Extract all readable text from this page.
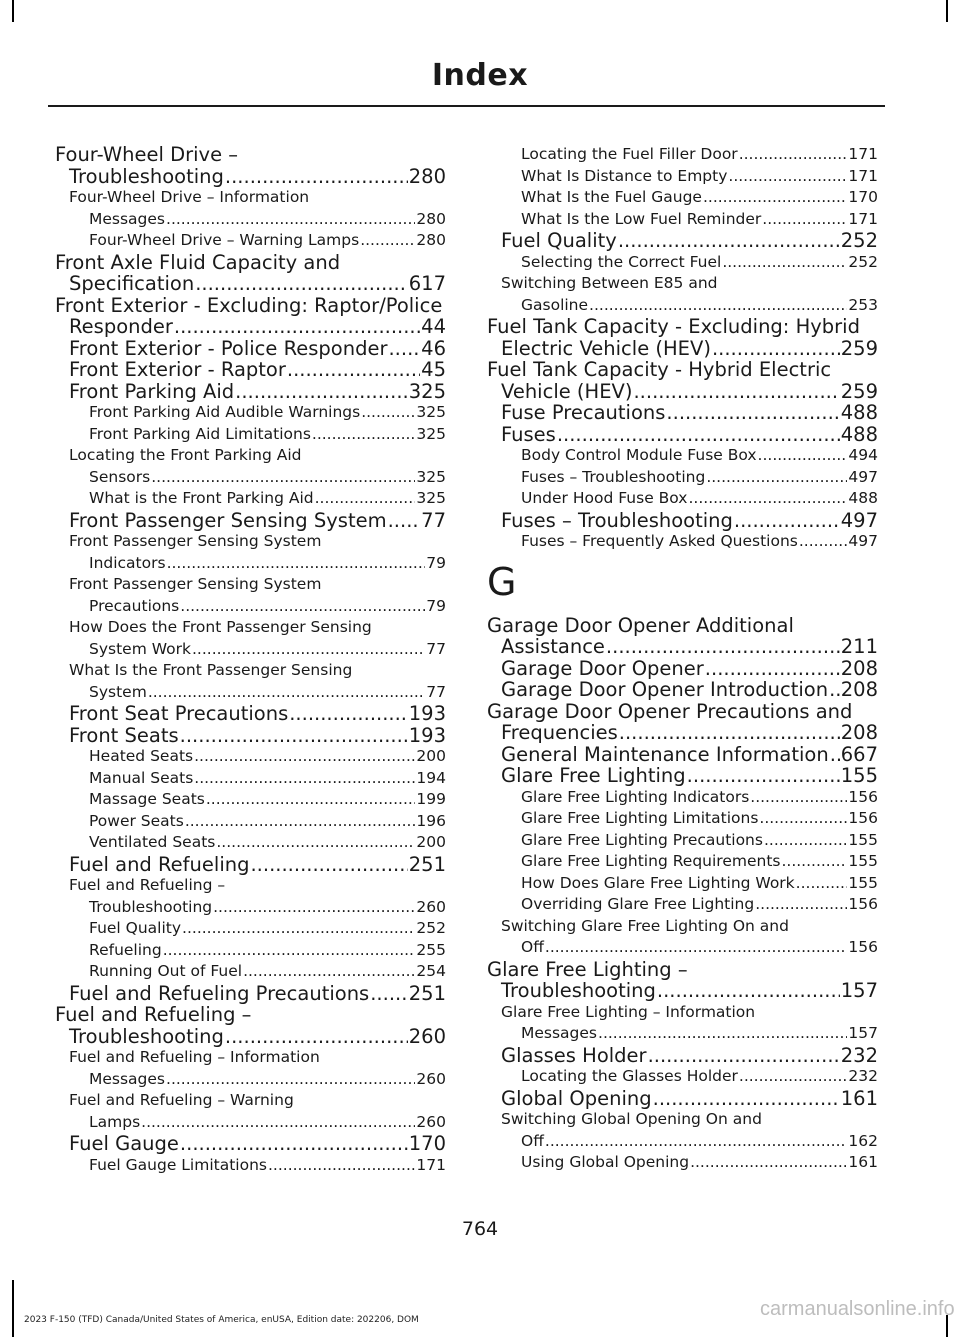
Index
Four-Wheel Drive –
Troubleshooting .....	280
Four-Wheel Drive – Information
Messages .....	280
Four-Wheel Drive – Warning Lamps .....	280
Front Axle Fluid Capacity and
Specification .....	617
Front Exterior - Excluding: Raptor/Police
Responder .....	44
Front Exterior - Police Responder ..... 46
Front Exterior - Raptor .....	45
Front Parking Aid .....	325
Front Parking Aid Audible Warnings .....	325
Front Parking Aid Limitations .....	325
Locating the Front Parking Aid
Sensors .....	325
What is the Front Parking Aid .....	325
Front Passenger Sensing System ..... 77
Front Passenger Sensing System
Indicators .....	79
Front Passenger Sensing System
Precautions .....	79
How Does the Front Passenger Sensing
System Work .....	77
What Is the Front Passenger Sensing
System .....	77
Front Seat Precautions .....	193
Front Seats .....	193
Heated Seats .....	200
Manual Seats .....	194
Massage Seats .....	199
Power Seats .....	196
Ventilated Seats .....	200
Fuel and Refueling .....	251
Fuel and Refueling –
Troubleshooting .....	260
Fuel Quality .....	252
Refueling .....	255
Running Out of Fuel .....	254
Fuel and Refueling Precautions ..... 251
Fuel and Refueling –
Troubleshooting .....	260
Fuel and Refueling – Information
Messages .....	260
Fuel and Refueling – Warning
Lamps .....	260
Fuel Gauge .....	170
Fuel Gauge Limitations .....	171
Locating the Fuel Filler Door .....	171
What Is Distance to Empty .....	171
What Is the Fuel Gauge .....	170
What Is the Low Fuel Reminder .....	171
Fuel Quality .....	252
Selecting the Correct Fuel .....	252
Switching Between E85 and
Gasoline .....	253
Fuel Tank Capacity - Excluding: Hybrid
Electric Vehicle (HEV) .....	259
Fuel Tank Capacity - Hybrid Electric
Vehicle (HEV) .....	259
Fuse Precautions .....	488
Fuses .....	488
Body Control Module Fuse Box .....	494
Fuses – Troubleshooting .....	497
Under Hood Fuse Box .....	488
Fuses – Troubleshooting .....	497
Fuses – Frequently Asked Questions .....	497
G
Garage Door Opener Additional
Assistance .....	211
Garage Door Opener .....	208
Garage Door Opener Introduction ..... 208
Garage Door Opener Precautions and
Frequencies .....	208
General Maintenance Information ..... 667
Glare Free Lighting .....	155
Glare Free Lighting Indicators .....	156
Glare Free Lighting Limitations .....	156
Glare Free Lighting Precautions .....	155
Glare Free Lighting Requirements .....	155
How Does Glare Free Lighting Work .....	155
Overriding Glare Free Lighting .....	156
Switching Glare Free Lighting On and
Off .....	156
Glare Free Lighting –
Troubleshooting .....	157
Glare Free Lighting – Information
Messages .....	157
Glasses Holder .....	232
Locating the Glasses Holder .....	232
Global Opening .....	161
Switching Global Opening On and
Off .....	162
Using Global Opening .....	161
764
2023 F-150 (TFD) Canada/United States of America, enUSA, Edition date: 202206, DOM	carmanualsonline.info
